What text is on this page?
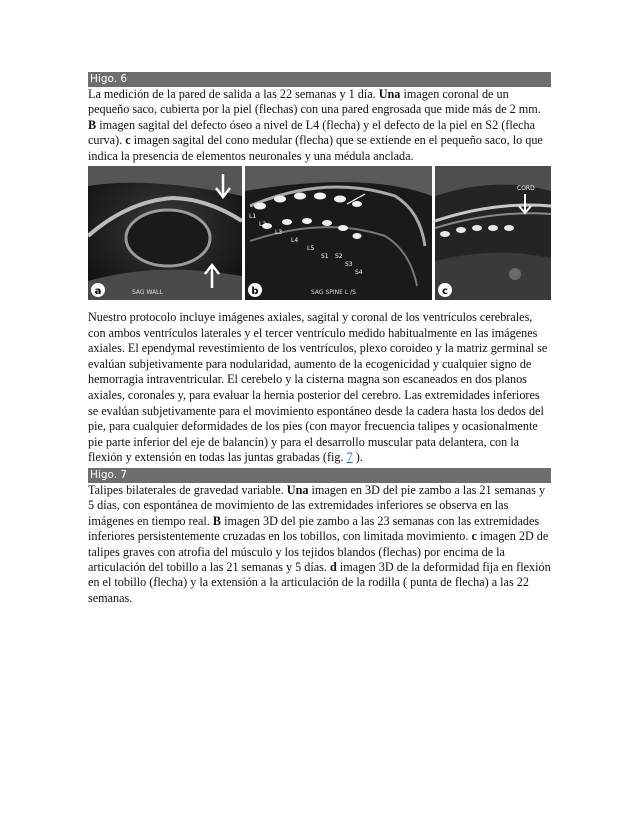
Higo. 6

La medición de la pared de salida a las 22 semanas y 1 día. Una imagen coronal de un pequeño saco, cubierta por la piel (flechas) con una pared engrosada que mide más de 2 mm. B imagen sagital del defecto óseo a nivel de L4 (flecha) y el defecto de la piel en S2 (flecha curva). c imagen sagital del cono medular (flecha) que se extiende en el pequeño saco, lo que indica la presencia de elementos neuronales y una médula anclada.

a	SAG WALL
L1
L2
L3
L4
L5
S1 S2
S3
S4
b	SAG SPINE L /S
CORD
c

Nuestro protocolo incluye imágenes axiales, sagital y coronal de los ventrículos cerebrales, con ambos ventrículos laterales y el tercer ventrículo medido habitualmente en las imágenes axiales. El ependymal revestimiento de los ventrículos, plexo coroideo y la matriz germinal se evalúan subjetivamente para nodularidad, aumento de la ecogenicidad y cualquier signo de hemorragia intraventricular. El cerebelo y la cisterna magna son escaneados en dos planos axiales, coronales y, para evaluar la hernia posterior del cerebro. Las extremidades inferiores se evalúan subjetivamente para el movimiento espontáneo desde la cadera hasta los dedos del pie, para cualquier deformidades de los pies (con mayor frecuencia talipes y ocasionalmente pie parte inferior del eje de balancín) y para el desarrollo muscular pata delantera, con la flexión y extensión en todas las juntas grabadas (fig. 7 ).

Higo. 7

Talipes bilaterales de gravedad variable. Una imagen en 3D del pie zambo a las 21 semanas y 5 días, con espontánea de movimiento de las extremidades inferiores se observa en las imágenes en tiempo real. B imagen 3D del pie zambo a las 23 semanas con las extremidades inferiores persistentemente cruzadas en los tobillos, con limitada movimiento. c imagen 2D de talipes graves con atrofia del músculo y los tejidos blandos (flechas) por encima de la articulación del tobillo a las 21 semanas y 5 días. d imagen 3D de la deformidad fija en flexión en el tobillo (flecha) y la extensión a la articulación de la rodilla ( punta de flecha) a las 22 semanas.
